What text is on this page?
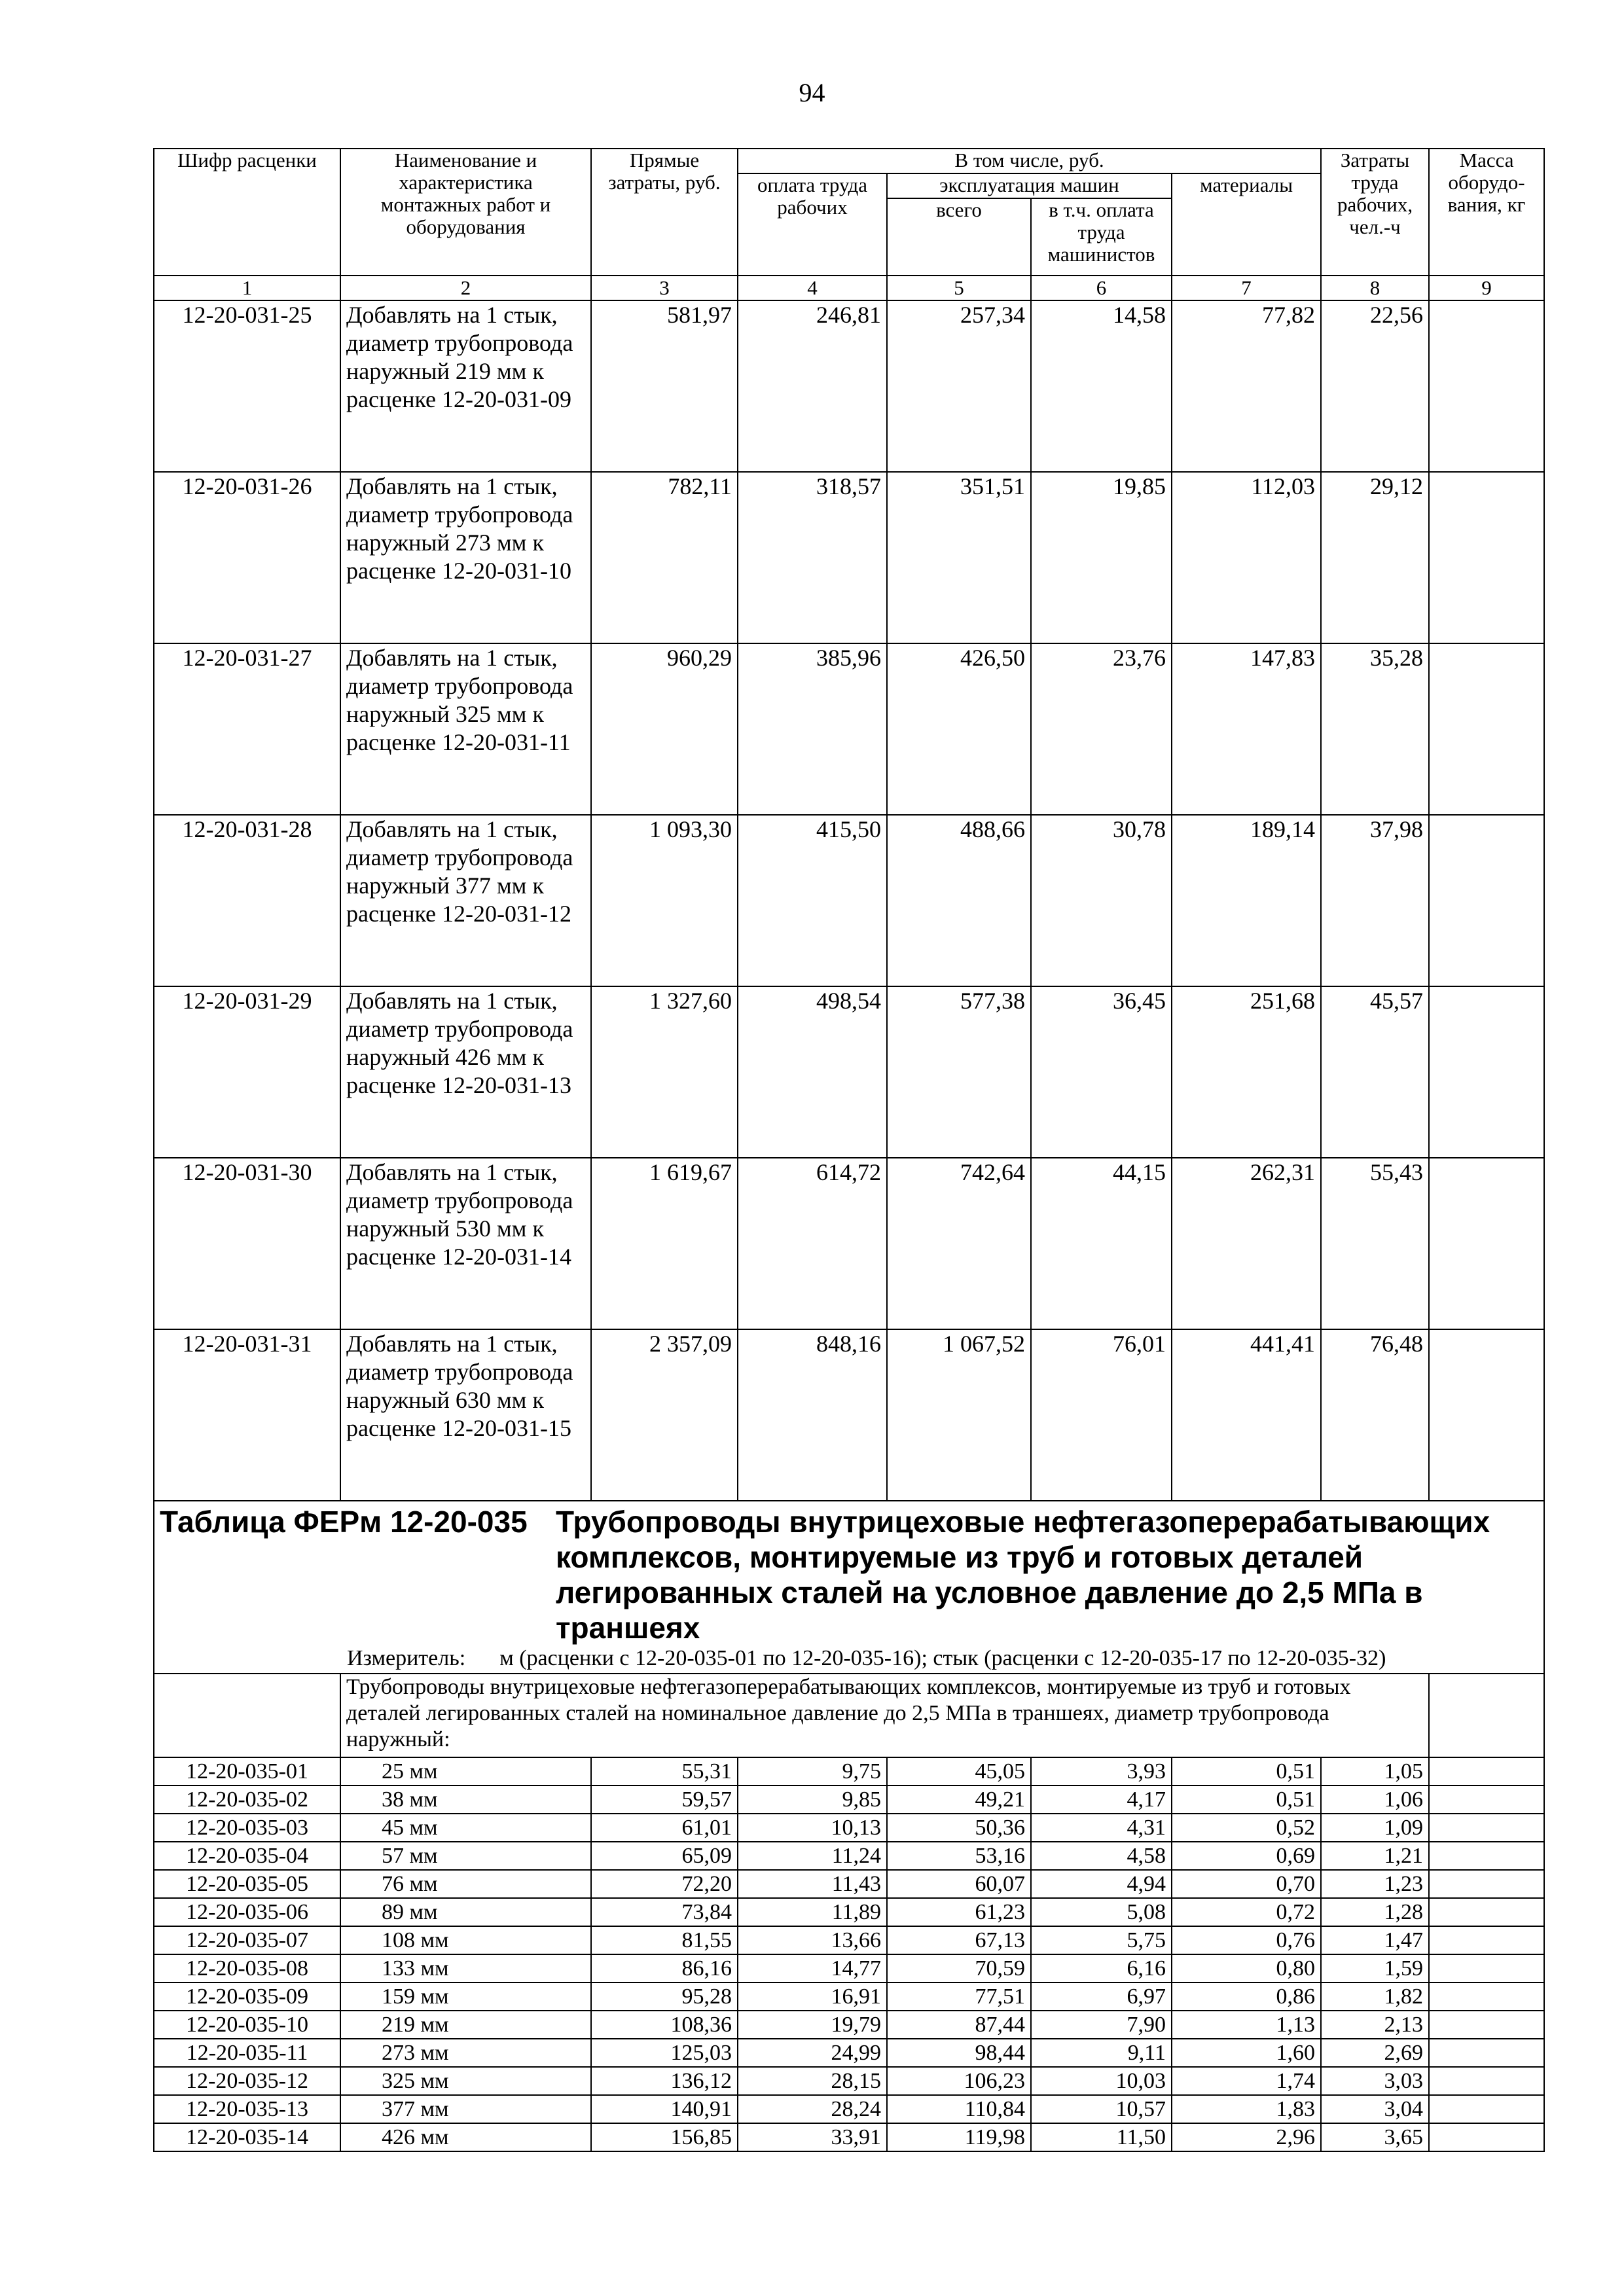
94
Шифр расценки	Наименование и характеристика монтажных работ и оборудования	Прямые затраты, руб.	В том числе, руб.				Затраты труда рабочих, чел.-ч	Масса оборудо-вания, кг
			оплата труда рабочих	эксплуатация машин		материалы		
				всего	в т.ч. оплата труда машинистов			
1	2	3	4	5	6	7	8	9
12-20-031-25	Добавлять на 1 стык, диаметр трубопровода наружный 219 мм к расценке 12-20-031-09	581,97	246,81	257,34	14,58	77,82	22,56	
12-20-031-26	Добавлять на 1 стык, диаметр трубопровода наружный 273 мм к расценке 12-20-031-10	782,11	318,57	351,51	19,85	112,03	29,12	
12-20-031-27	Добавлять на 1 стык, диаметр трубопровода наружный 325 мм к расценке 12-20-031-11	960,29	385,96	426,50	23,76	147,83	35,28	
12-20-031-28	Добавлять на 1 стык, диаметр трубопровода наружный 377 мм к расценке 12-20-031-12	1 093,30	415,50	488,66	30,78	189,14	37,98	
12-20-031-29	Добавлять на 1 стык, диаметр трубопровода наружный 426 мм к расценке 12-20-031-13	1 327,60	498,54	577,38	36,45	251,68	45,57	
12-20-031-30	Добавлять на 1 стык, диаметр трубопровода наружный 530 мм к расценке 12-20-031-14	1 619,67	614,72	742,64	44,15	262,31	55,43	
12-20-031-31	Добавлять на 1 стык, диаметр трубопровода наружный 630 мм к расценке 12-20-031-15	2 357,09	848,16	1 067,52	76,01	441,41	76,48	

Таблица ФЕРм 12-20-035 Трубопроводы внутрицеховые нефтегазоперерабатывающих комплексов, монтируемые из труб и готовых деталей легированных сталей на условное давление до 2,5 МПа в траншеях
Измеритель: м (расценки с 12-20-035-01 по 12-20-035-16); стык (расценки с 12-20-035-17 по 12-20-035-32)								

	Трубопроводы внутрицеховые нефтегазоперерабатывающих комплексов, монтируемые из труб и готовых деталей легированных сталей на номинальное давление до 2,5 МПа в траншеях, диаметр трубопровода наружный:							
12-20-035-01	25 мм	55,31	9,75	45,05	3,93	0,51	1,05	
12-20-035-02	38 мм	59,57	9,85	49,21	4,17	0,51	1,06	
12-20-035-03	45 мм	61,01	10,13	50,36	4,31	0,52	1,09	
12-20-035-04	57 мм	65,09	11,24	53,16	4,58	0,69	1,21	
12-20-035-05	76 мм	72,20	11,43	60,07	4,94	0,70	1,23	
12-20-035-06	89 мм	73,84	11,89	61,23	5,08	0,72	1,28	
12-20-035-07	108 мм	81,55	13,66	67,13	5,75	0,76	1,47	
12-20-035-08	133 мм	86,16	14,77	70,59	6,16	0,80	1,59	
12-20-035-09	159 мм	95,28	16,91	77,51	6,97	0,86	1,82	
12-20-035-10	219 мм	108,36	19,79	87,44	7,90	1,13	2,13	
12-20-035-11	273 мм	125,03	24,99	98,44	9,11	1,60	2,69	
12-20-035-12	325 мм	136,12	28,15	106,23	10,03	1,74	3,03	
12-20-035-13	377 мм	140,91	28,24	110,84	10,57	1,83	3,04	
12-20-035-14	426 мм	156,85	33,91	119,98	11,50	2,96	3,65	
